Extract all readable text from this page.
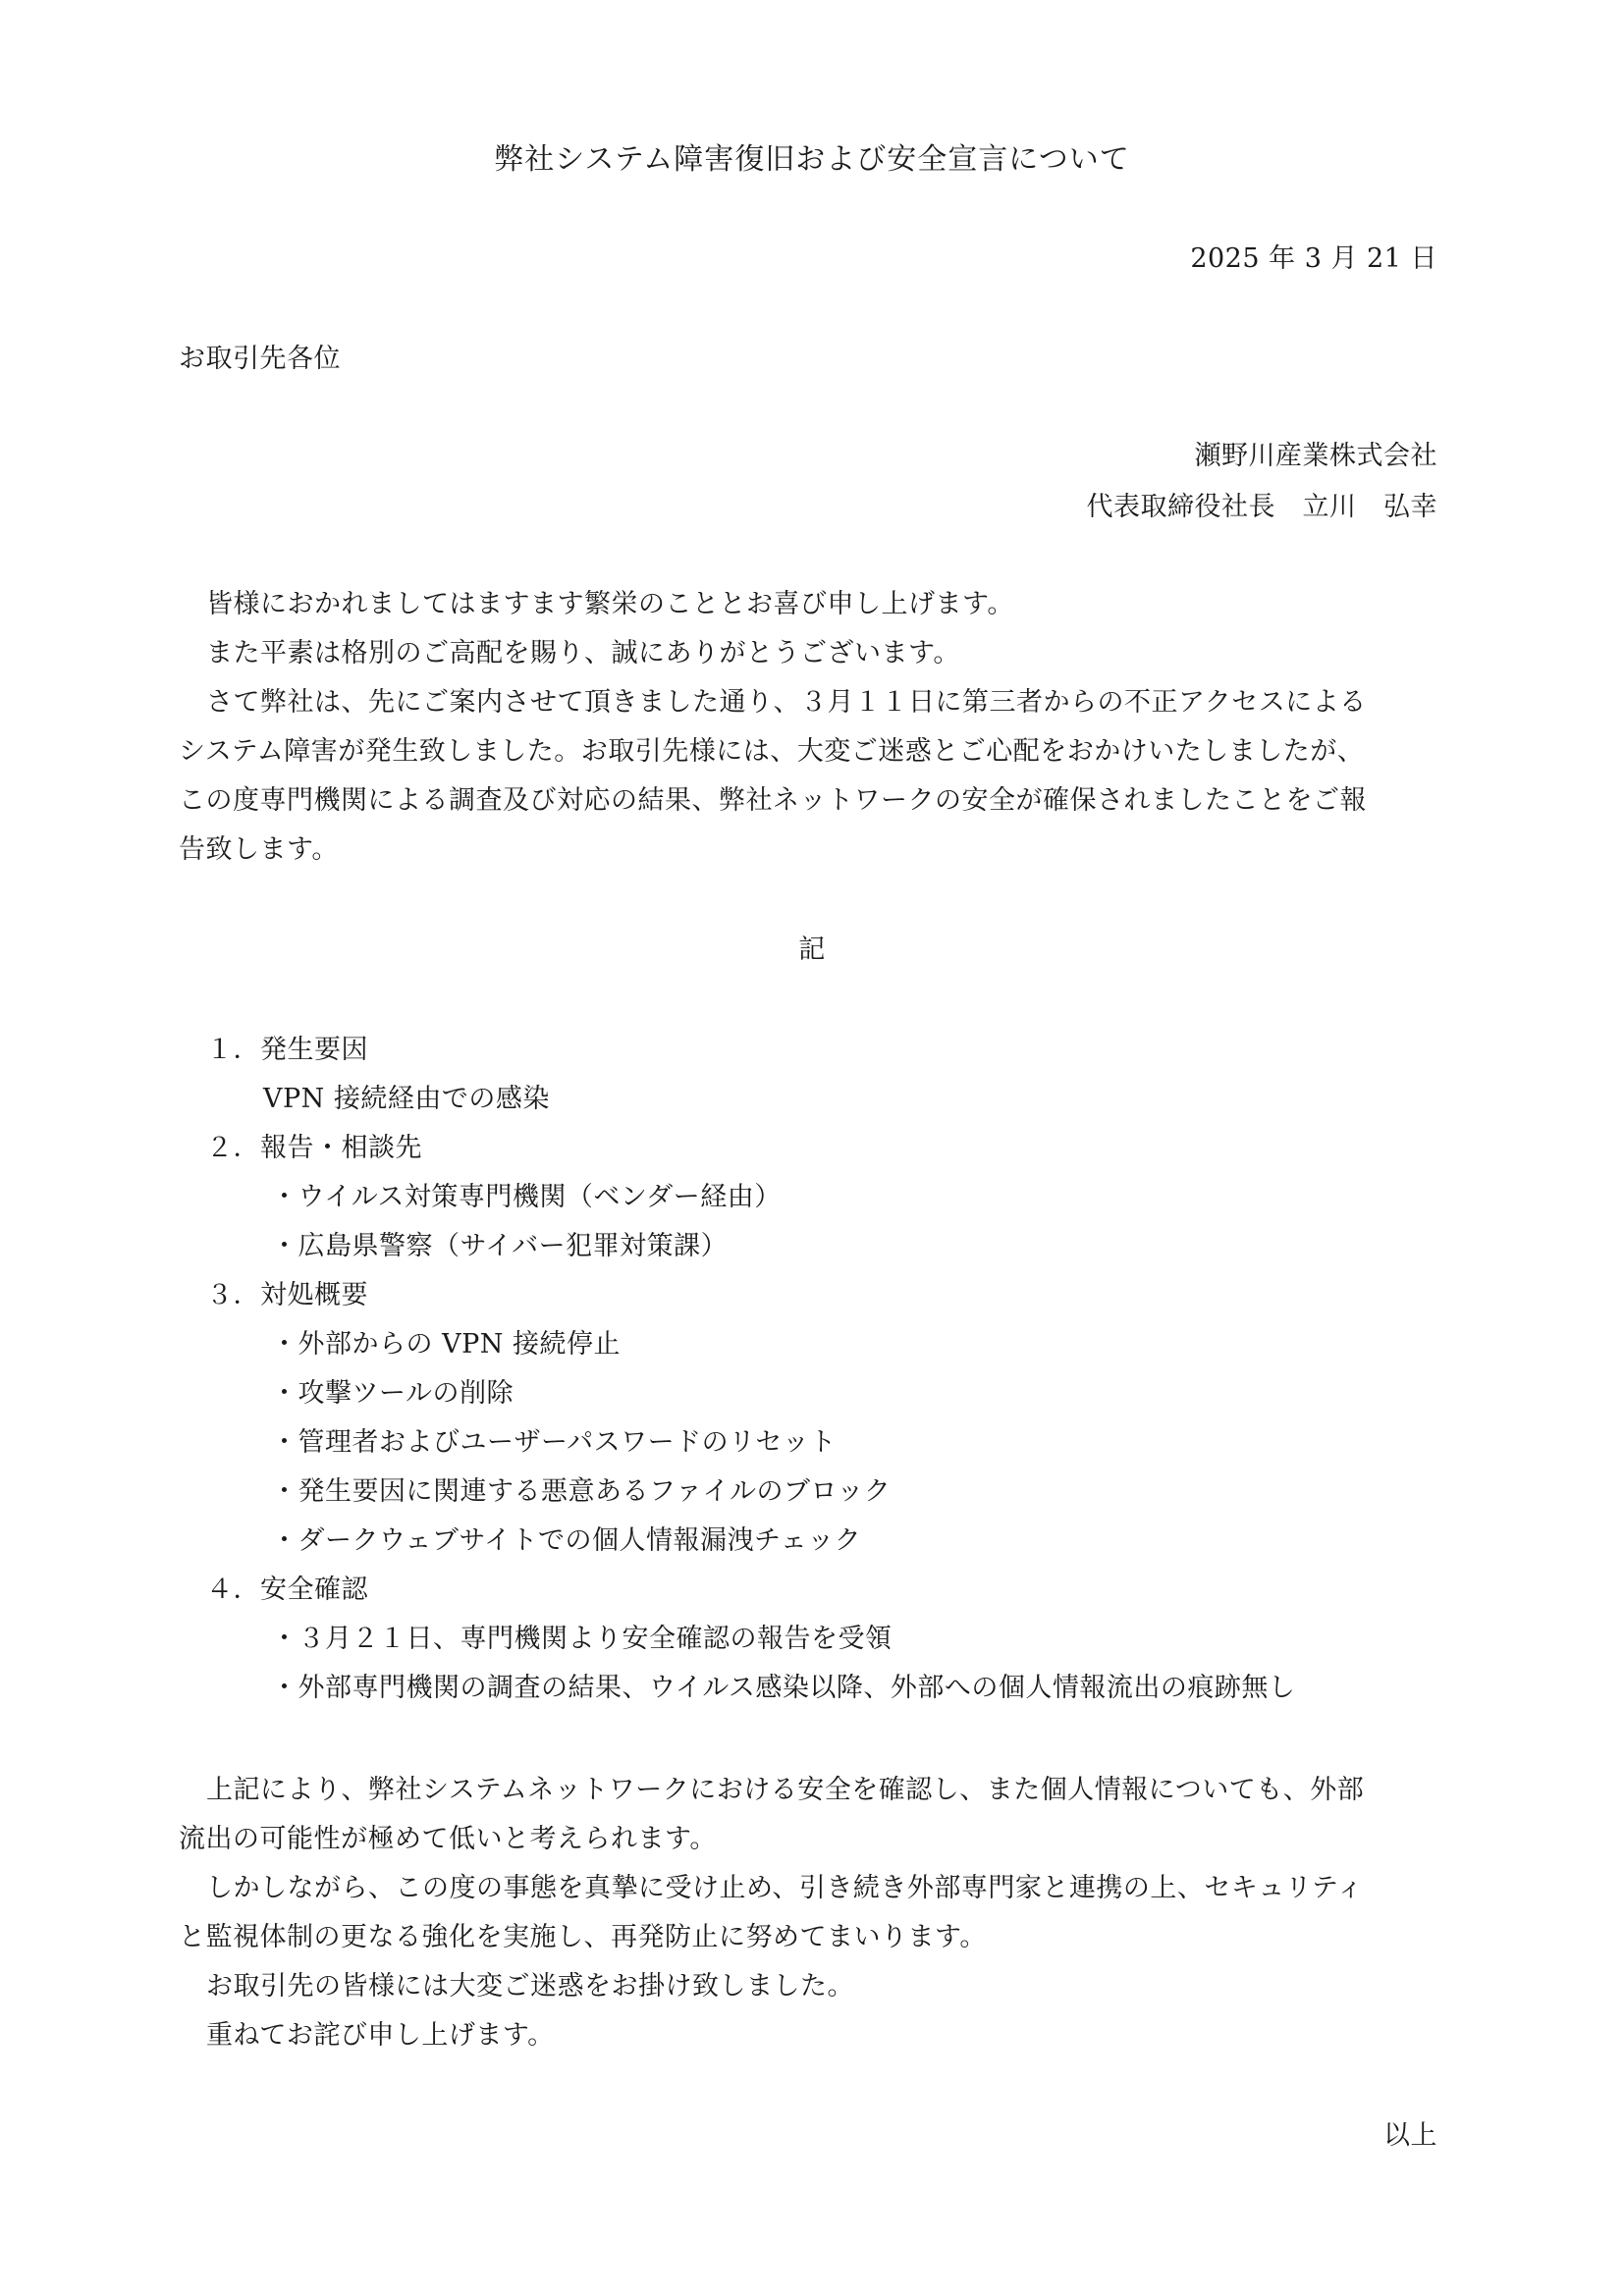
弊社システム障害復旧および安全宣言について
2025 年 3 月 21 日
お取引先各位
瀬野川産業株式会社
代表取締役社長　立川　弘幸
皆様におかれましてはますます繁栄のこととお喜び申し上げます。
また平素は格別のご高配を賜り、誠にありがとうございます。
さて弊社は、先にご案内させて頂きました通り、３月１１日に第三者からの不正アクセスによる
システム障害が発生致しました。お取引先様には、大変ご迷惑とご心配をおかけいたしましたが、
この度専門機関による調査及び対応の結果、弊社ネットワークの安全が確保されましたことをご報
告致します。
記
１．発生要因
VPN 接続経由での感染
２．報告・相談先
・ウイルス対策専門機関（ベンダー経由）
・広島県警察（サイバー犯罪対策課）
３．対処概要
・外部からの VPN 接続停止
・攻撃ツールの削除
・管理者およびユーザーパスワードのリセット
・発生要因に関連する悪意あるファイルのブロック
・ダークウェブサイトでの個人情報漏洩チェック
４．安全確認
・３月２１日、専門機関より安全確認の報告を受領
・外部専門機関の調査の結果、ウイルス感染以降、外部への個人情報流出の痕跡無し
上記により、弊社システムネットワークにおける安全を確認し、また個人情報についても、外部
流出の可能性が極めて低いと考えられます。
しかしながら、この度の事態を真摯に受け止め、引き続き外部専門家と連携の上、セキュリティ
と監視体制の更なる強化を実施し、再発防止に努めてまいります。
お取引先の皆様には大変ご迷惑をお掛け致しました。
重ねてお詫び申し上げます。
以上
